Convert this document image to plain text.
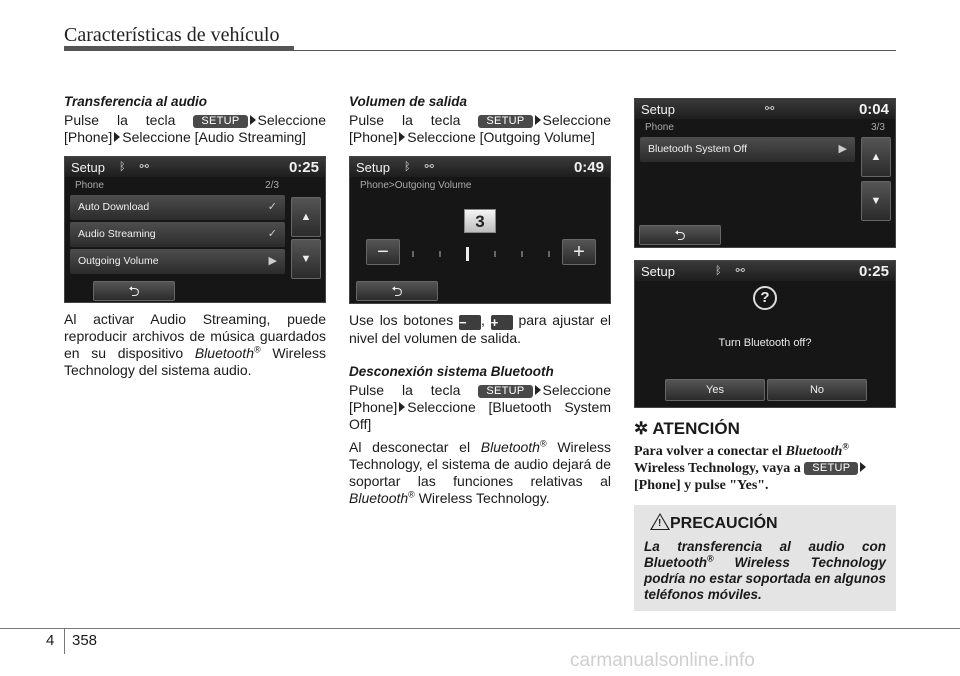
Características de vehículo
Transferencia al audio
Pulse la tecla SETUP Seleccione [Phone] Seleccione [Audio Streaming]
Setup ᛒ ⚯	0:25
Phone	2/3
Auto Download	✓
Audio Streaming	✓
Outgoing Volume	▶
▲
▼
⮌
Al activar Audio Streaming, puede reproducir archivos de música guardados en su dispositivo Bluetooth® Wireless Technology del sistema audio.
Volumen de salida
Pulse la tecla SETUP Seleccione [Phone] Seleccione [Outgoing Volume]
Setup ᛒ ⚯	0:49
Phone>Outgoing Volume
3
−	+
⮌
Use los botones − , + para ajustar el nivel del volumen de salida.
Desconexión sistema Bluetooth
Pulse la tecla SETUP Seleccione [Phone] Seleccione [Bluetooth System Off]
Al desconectar el Bluetooth® Wireless Technology, el sistema de audio dejará de soportar las funciones relativas al Bluetooth® Wireless Technology.
Setup	⚯	0:04
Phone	3/3
Bluetooth System Off	▶
▲
▼
⮌
Setup	ᛒ ⚯	0:25
?
Turn Bluetooth off?
Yes	No
✲ ATENCIÓN
Para volver a conectar el Bluetooth® Wireless Technology, vaya a SETUP [Phone] y pulse "Yes".
! PRECAUCIÓN
La transferencia al audio con Bluetooth® Wireless Technology podría no estar soportada en algunos teléfonos móviles.
4 358
carmanualsonline.info
